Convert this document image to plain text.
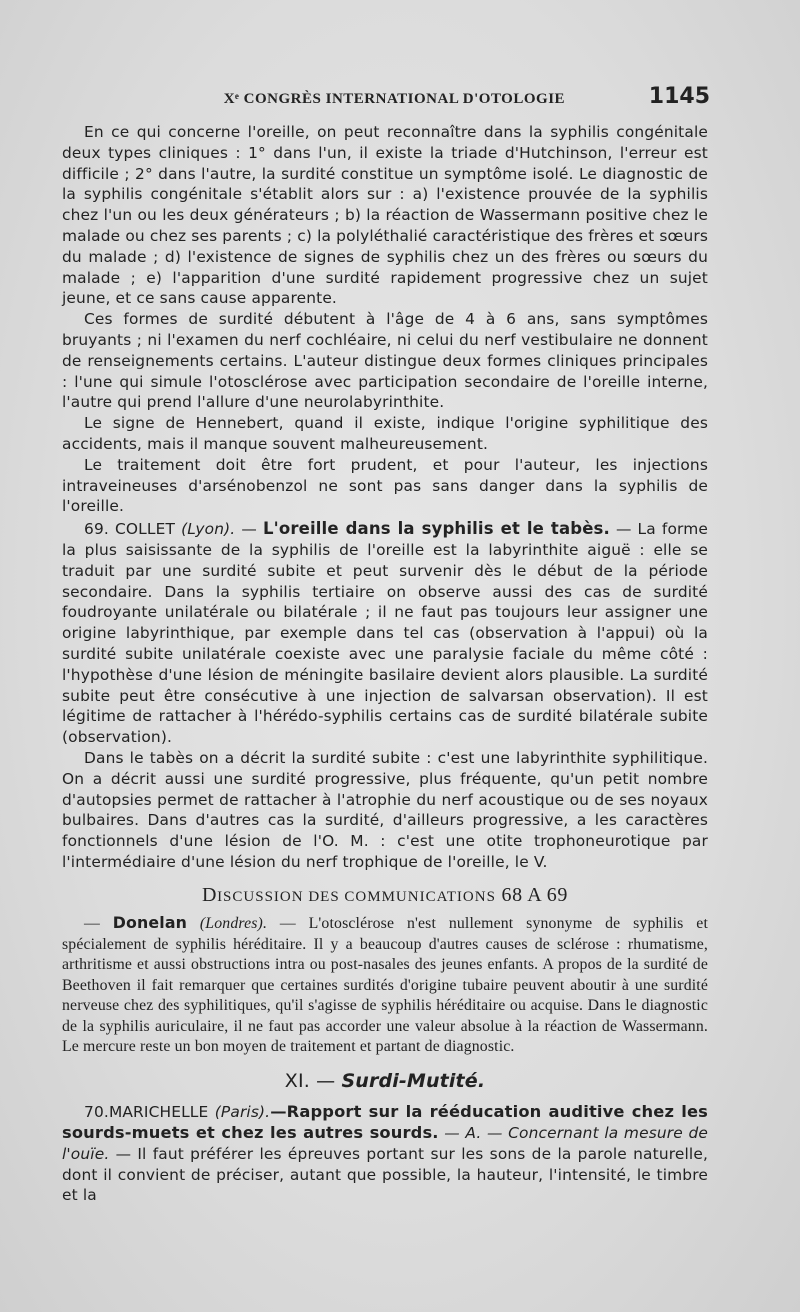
Xᵉ CONGRÈS INTERNATIONAL D'OTOLOGIE	1145

En ce qui concerne l'oreille, on peut reconnaître dans la syphilis congénitale deux types cliniques : 1° dans l'un, il existe la triade d'Hutchinson, l'erreur est difficile ; 2° dans l'autre, la surdité constitue un symptôme isolé. Le diagnostic de la syphilis congénitale s'établit alors sur : a) l'existence prouvée de la syphilis chez l'un ou les deux générateurs ; b) la réaction de Wassermann positive chez le malade ou chez ses parents ; c) la polyléthalié caractéristique des frères et sœurs du malade ; d) l'existence de signes de syphilis chez un des frères ou sœurs du malade ; e) l'apparition d'une surdité rapidement progressive chez un sujet jeune, et ce sans cause apparente.

Ces formes de surdité débutent à l'âge de 4 à 6 ans, sans symptômes bruyants ; ni l'examen du nerf cochléaire, ni celui du nerf vestibulaire ne donnent de renseignements certains. L'auteur distingue deux formes cliniques principales : l'une qui simule l'otosclérose avec participation secondaire de l'oreille interne, l'autre qui prend l'allure d'une neurolabyrinthite.

Le signe de Hennebert, quand il existe, indique l'origine syphilitique des accidents, mais il manque souvent malheureusement.

Le traitement doit être fort prudent, et pour l'auteur, les injections intraveineuses d'arsénobenzol ne sont pas sans danger dans la syphilis de l'oreille.

69. COLLET (Lyon). — L'oreille dans la syphilis et le tabès. — La forme la plus saisissante de la syphilis de l'oreille est la labyrinthite aiguë : elle se traduit par une surdité subite et peut survenir dès le début de la période secondaire. Dans la syphilis tertiaire on observe aussi des cas de surdité foudroyante unilatérale ou bilatérale ; il ne faut pas toujours leur assigner une origine labyrinthique, par exemple dans tel cas (observation à l'appui) où la surdité subite unilatérale coexiste avec une paralysie faciale du même côté : l'hypothèse d'une lésion de méningite basilaire devient alors plausible. La surdité subite peut être consécutive à une injection de salvarsan observation). Il est légitime de rattacher à l'hérédo-syphilis certains cas de surdité bilatérale subite (observation).

Dans le tabès on a décrit la surdité subite : c'est une labyrinthite syphilitique. On a décrit aussi une surdité progressive, plus fréquente, qu'un petit nombre d'autopsies permet de rattacher à l'atrophie du nerf acoustique ou de ses noyaux bulbaires. Dans d'autres cas la surdité, d'ailleurs progressive, a les caractères fonctionnels d'une lésion de l'O. M. : c'est une otite trophoneurotique par l'intermédiaire d'une lésion du nerf trophique de l'oreille, le V.

DISCUSSION DES COMMUNICATIONS 68 A 69

— Donelan (Londres). — L'otosclérose n'est nullement synonyme de syphilis et spécialement de syphilis héréditaire. Il y a beaucoup d'autres causes de sclérose : rhumatisme, arthritisme et aussi obstructions intra ou post-nasales des jeunes enfants. A propos de la surdité de Beethoven il fait remarquer que certaines surdités d'origine tubaire peuvent aboutir à une surdité nerveuse chez des syphilitiques, qu'il s'agisse de syphilis héréditaire ou acquise. Dans le diagnostic de la syphilis auriculaire, il ne faut pas accorder une valeur absolue à la réaction de Wassermann. Le mercure reste un bon moyen de traitement et partant de diagnostic.

XI. — Surdi-Mutité.

70.MARICHELLE (Paris).—Rapport sur la rééducation auditive chez les sourds-muets et chez les autres sourds. — A. — Concernant la mesure de l'ouïe. — Il faut préférer les épreuves portant sur les sons de la parole naturelle, dont il convient de préciser, autant que possible, la hauteur, l'intensité, le timbre et la
